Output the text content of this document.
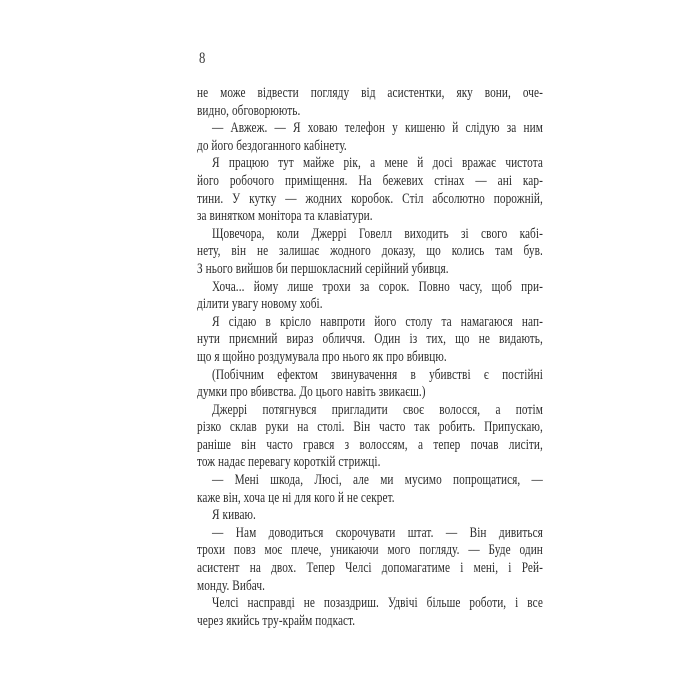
8
не може відвести погляду від асистентки, яку вони, оче-
видно, обговорюють.
— Авжеж. — Я ховаю телефон у кишеню й слідую за ним
до його бездоганного кабінету.
Я працюю тут майже рік, а мене й досі вражає чистота
його робочого приміщення. На бежевих стінах — ані кар-
тини. У кутку — жодних коробок. Стіл абсолютно порожній,
за винятком монітора та клавіатури.
Щовечора, коли Джеррі Говелл виходить зі свого кабі-
нету, він не залишає жодного доказу, що колись там був.
З нього вийшов би першокласний серійний убивця.
Хоча... йому лише трохи за сорок. Повно часу, щоб при-
ділити увагу новому хобі.
Я сідаю в крісло навпроти його столу та намагаюся нап-
нути приємний вираз обличчя. Один із тих, що не видають,
що я щойно роздумувала про нього як про вбивцю.
(Побічним ефектом звинувачення в убивстві є постійні
думки про вбивства. До цього навіть звикаєш.)
Джеррі потягнувся пригладити своє волосся, а потім
різко склав руки на столі. Він часто так робить. Припускаю,
раніше він часто грався з волоссям, а тепер почав лисіти,
тож надає перевагу короткій стрижці.
— Мені шкода, Люсі, але ми мусимо попрощатися, —
каже він, хоча це ні для кого й не секрет.
Я киваю.
— Нам доводиться скорочувати штат. — Він дивиться
трохи повз моє плече, уникаючи мого погляду. — Буде один
асистент на двох. Тепер Челсі допомагатиме і мені, і Рей-
монду. Вибач.
Челсі насправді не позаздриш. Удвічі більше роботи, і все
через якийсь тру-крайм подкаст.
